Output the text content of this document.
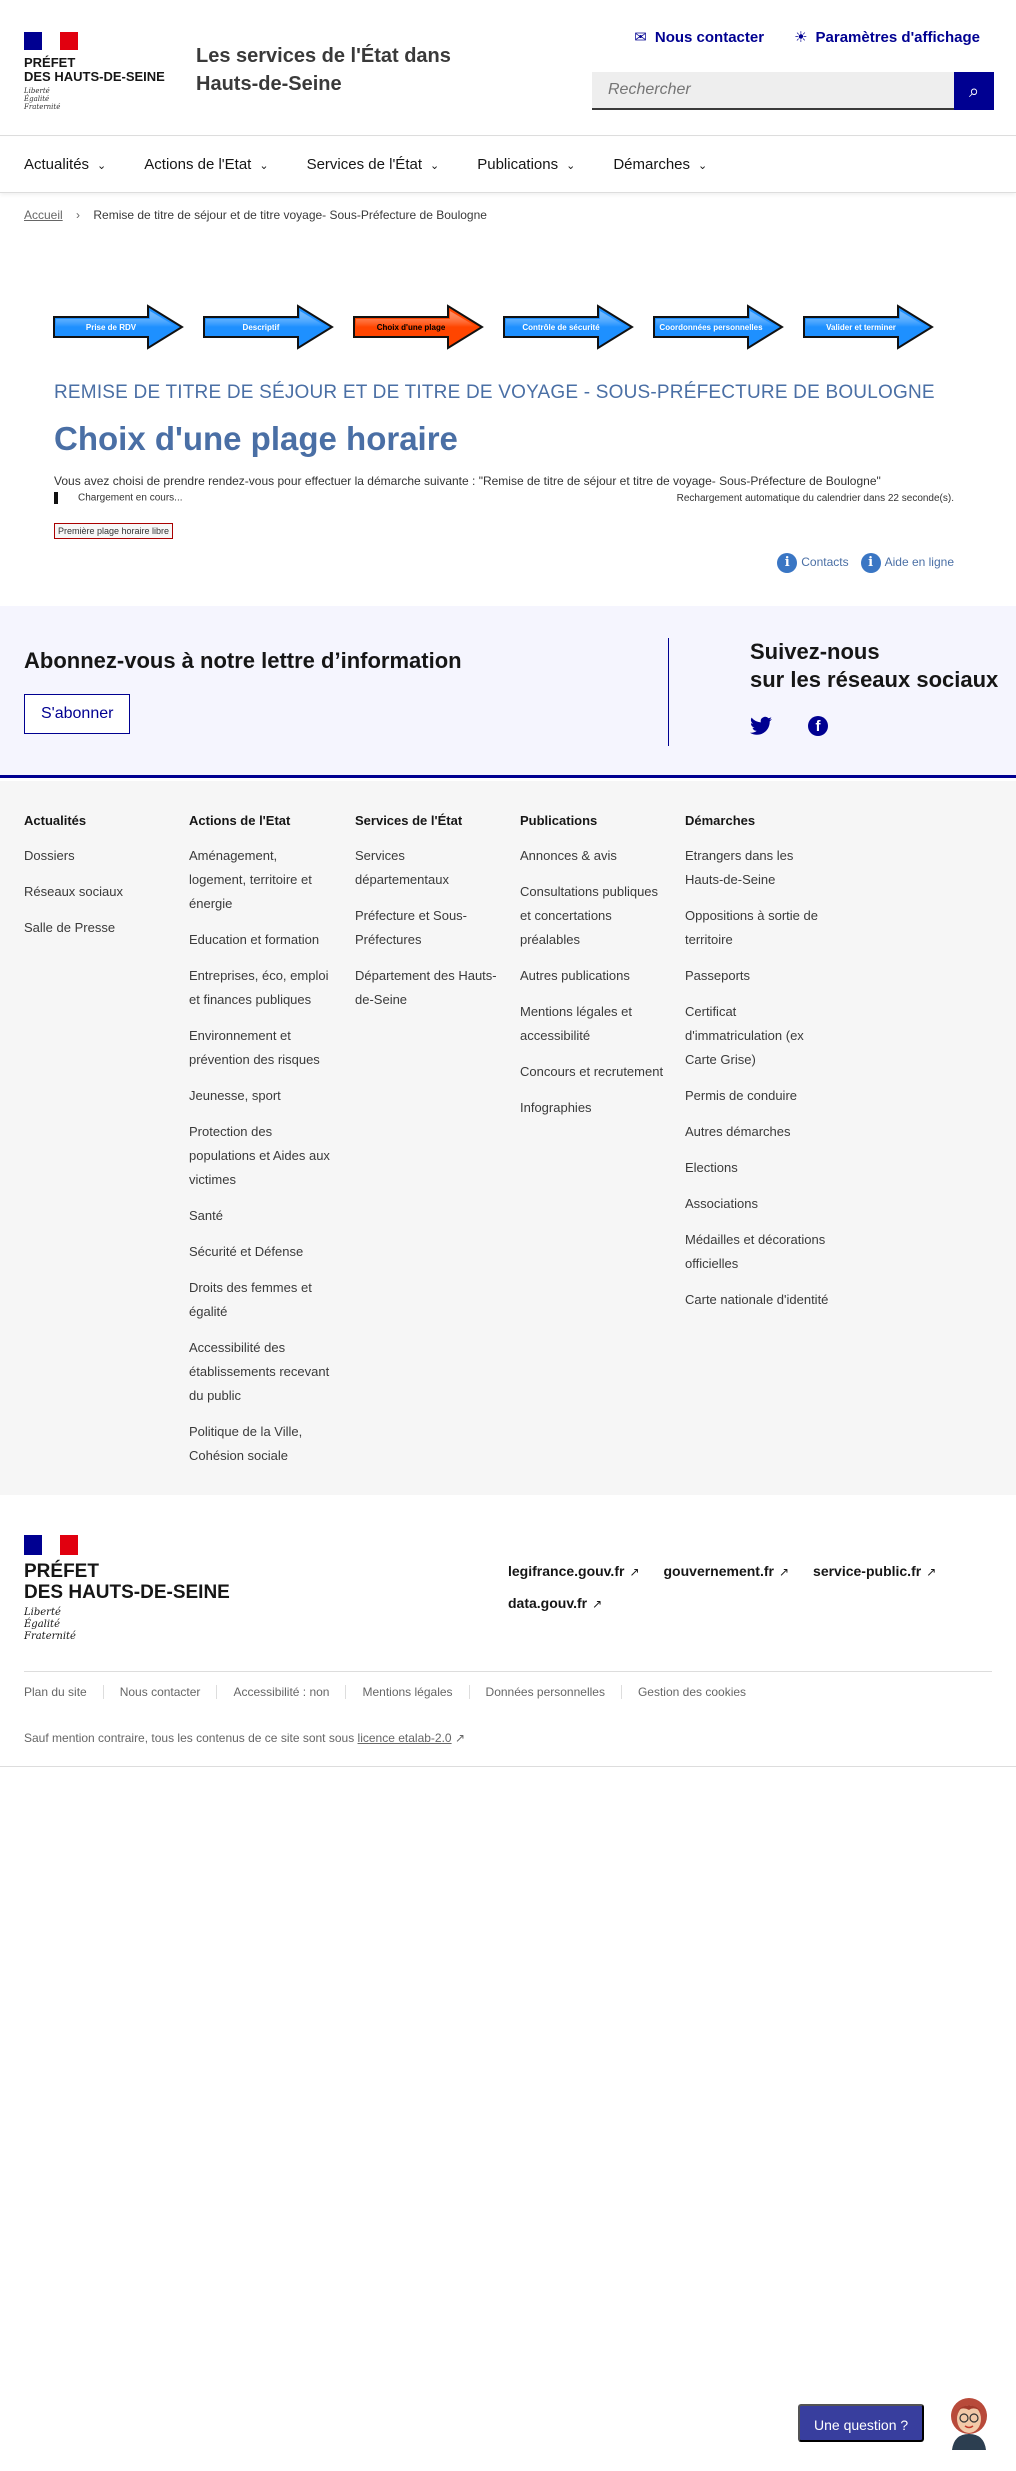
PRÉFET
DES HAUTS-DE-SEINE
Liberté
Égalité
Fraternité
Les services de l'État dans Hauts-de-Seine
✉ Nous contacter ☀ Paramètres d'affichage
Rechercher
⌕
Actualités ⌄	Actions de l'Etat ⌄	Services de l'État ⌄	Publications ⌄	Démarches ⌄
Accueil › Remise de titre de séjour et de titre voyage- Sous-Préfecture de Boulogne
Prise de RDV	Descriptif	Choix d'une plage	Contrôle de sécurité	Coordonnées personnelles	Valider et terminer
REMISE DE TITRE DE SÉJOUR ET DE TITRE DE VOYAGE - SOUS-PRÉFECTURE DE BOULOGNE
Choix d'une plage horaire
Vous avez choisi de prendre rendez-vous pour effectuer la démarche suivante : "Remise de titre de séjour et titre de voyage- Sous-Préfecture de Boulogne"
Chargement en cours...	Rechargement automatique du calendrier dans 22 seconde(s).
Première plage horaire libre
i Contacts	i Aide en ligne
Abonnez-vous à notre lettre d’information
S'abonner
Suivez-nous
sur les réseaux sociaux
f
Actualités
Dossiers
Réseaux sociaux
Salle de Presse
Actions de l'Etat
Aménagement, logement, territoire et énergie
Education et formation
Entreprises, éco, emploi et finances publiques
Environnement et prévention des risques
Jeunesse, sport
Protection des populations et Aides aux victimes
Santé
Sécurité et Défense
Droits des femmes et égalité
Accessibilité des établissements recevant du public
Politique de la Ville, Cohésion sociale
Services de l'État
Services départementaux
Préfecture et Sous-Préfectures
Département des Hauts-de-Seine
Publications
Annonces & avis
Consultations publiques et concertations préalables
Autres publications
Mentions légales et accessibilité
Concours et recrutement
Infographies
Démarches
Etrangers dans les Hauts-de-Seine
Oppositions à sortie de territoire
Passeports
Certificat d'immatriculation (ex Carte Grise)
Permis de conduire
Autres démarches
Elections
Associations
Médailles et décorations officielles
Carte nationale d'identité
PRÉFET
DES HAUTS-DE-SEINE
Liberté
Égalité
Fraternité
legifrance.gouv.fr ↗ gouvernement.fr ↗ service-public.fr ↗
data.gouv.fr ↗
Plan du site	Nous contacter	Accessibilité : non	Mentions légales	Données personnelles	Gestion des cookies
Sauf mention contraire, tous les contenus de ce site sont sous licence etalab-2.0 ↗
Une question ?
